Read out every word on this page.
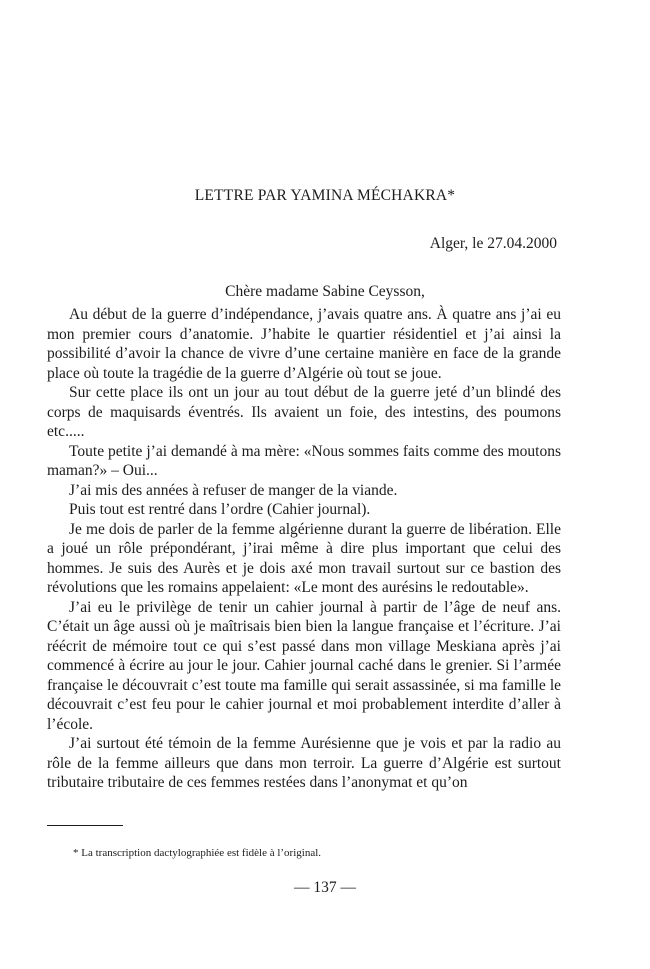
LETTRE PAR YAMINA MÉCHAKRA*

Alger, le 27.04.2000

Chère madame Sabine Ceysson,

Au début de la guerre d’indépendance, j’avais quatre ans. À quatre ans j’ai eu mon premier cours d’anatomie. J’habite le quartier résidentiel et j’ai ainsi la possibilité d’avoir la chance de vivre d’une certaine manière en face de la grande place où toute la tragédie de la guerre d’Algérie où tout se joue.

Sur cette place ils ont un jour au tout début de la guerre jeté d’un blindé des corps de maquisards éventrés. Ils avaient un foie, des intestins, des poumons etc.....

Toute petite j’ai demandé à ma mère: «Nous sommes faits comme des moutons maman?» – Oui...

J’ai mis des années à refuser de manger de la viande.

Puis tout est rentré dans l’ordre (Cahier journal).

Je me dois de parler de la femme algérienne durant la guerre de libération. Elle a joué un rôle prépondérant, j’irai même à dire plus important que celui des hommes. Je suis des Aurès et je dois axé mon travail surtout sur ce bastion des révolutions que les romains appelaient: «Le mont des aurésins le redoutable».

J’ai eu le privilège de tenir un cahier journal à partir de l’âge de neuf ans. C’était un âge aussi où je maîtrisais bien bien la langue française et l’écriture. J’ai réécrit de mémoire tout ce qui s’est passé dans mon village Meskiana après j’ai commencé à écrire au jour le jour. Cahier journal caché dans le grenier. Si l’armée française le découvrait c’est toute ma famille qui serait assassinée, si ma famille le découvrait c’est feu pour le cahier journal et moi probablement interdite d’aller à l’école.

J’ai surtout été témoin de la femme Aurésienne que je vois et par la radio au rôle de la femme ailleurs que dans mon terroir. La guerre d’Algérie est surtout tributaire tributaire de ces femmes restées dans l’anonymat et qu’on

* La transcription dactylographiée est fidèle à l’original.

— 137 —
